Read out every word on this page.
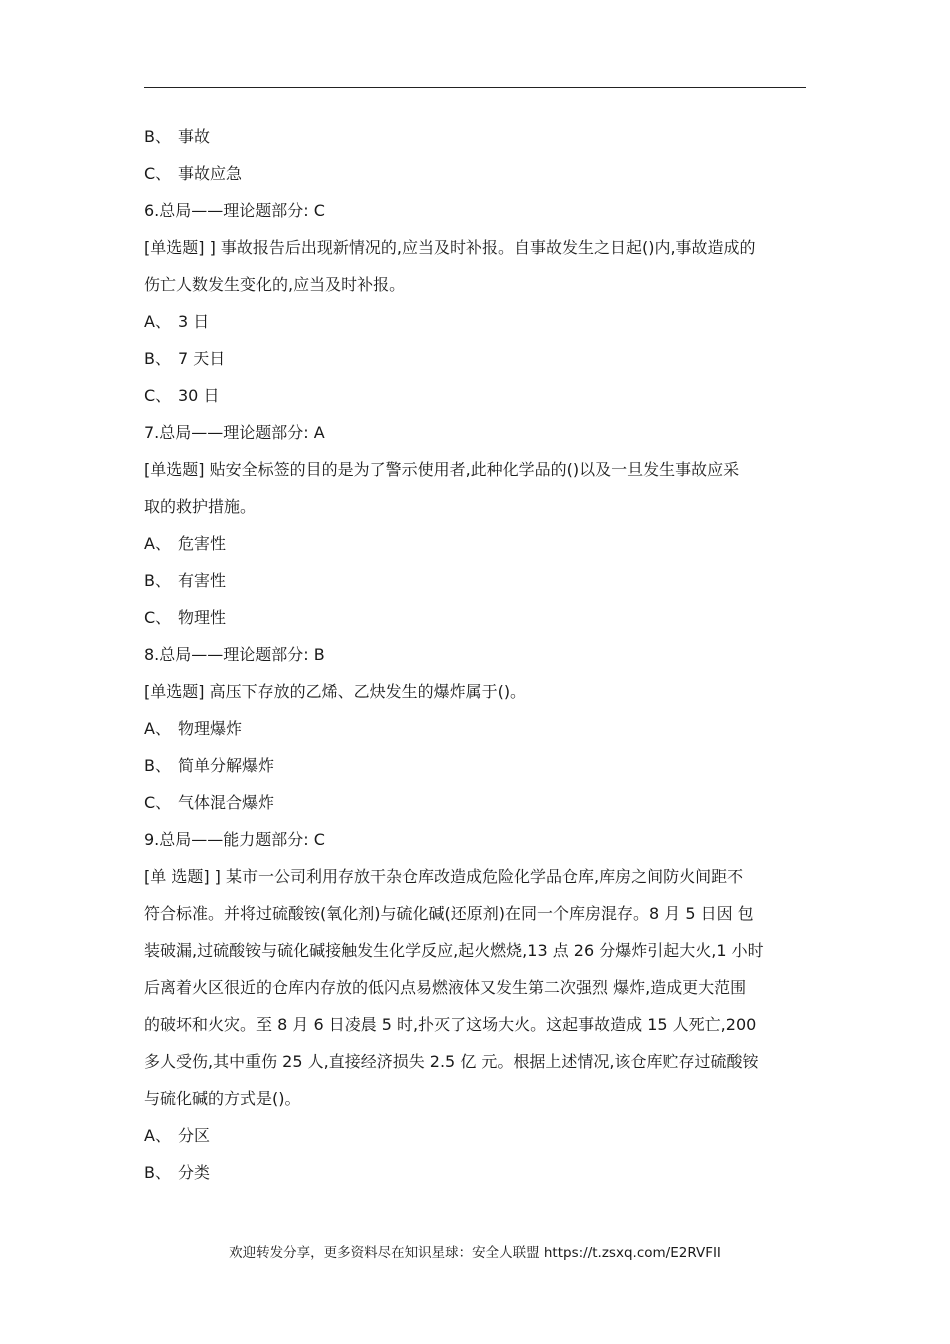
B、 事故
C、 事故应急
6.总局——理论题部分: C
[单选题] ] 事故报告后出现新情况的,应当及时补报。自事故发生之日起()内,事故造成的
伤亡人数发生变化的,应当及时补报。
A、 3 日
B、 7 天日
C、 30 日
7.总局——理论题部分: A
[单选题] 贴安全标签的目的是为了警示使用者,此种化学品的()以及一旦发生事故应采
取的救护措施。
A、 危害性
B、 有害性
C、 物理性
8.总局——理论题部分: B
[单选题] 高压下存放的乙烯、乙炔发生的爆炸属于()。
A、 物理爆炸
B、 简单分解爆炸
C、 气体混合爆炸
9.总局——能力题部分: C
[单 选题] ] 某市一公司利用存放干杂仓库改造成危险化学品仓库,库房之间防火间距不
符合标准。并将过硫酸铵(氧化剂)与硫化碱(还原剂)在同一个库房混存。8 月 5 日因 包
装破漏,过硫酸铵与硫化碱接触发生化学反应,起火燃烧,13 点 26 分爆炸引起大火,1 小时
后离着火区很近的仓库内存放的低闪点易燃液体又发生第二次强烈 爆炸,造成更大范围
的破坏和火灾。至 8 月 6 日凌晨 5 时,扑灭了这场大火。这起事故造成 15 人死亡,200
多人受伤,其中重伤 25 人,直接经济损失 2.5 亿 元。根据上述情况,该仓库贮存过硫酸铵
与硫化碱的方式是()。
A、 分区
B、 分类
欢迎转发分享，更多资料尽在知识星球：安全人联盟 https://t.zsxq.com/E2RVFII
